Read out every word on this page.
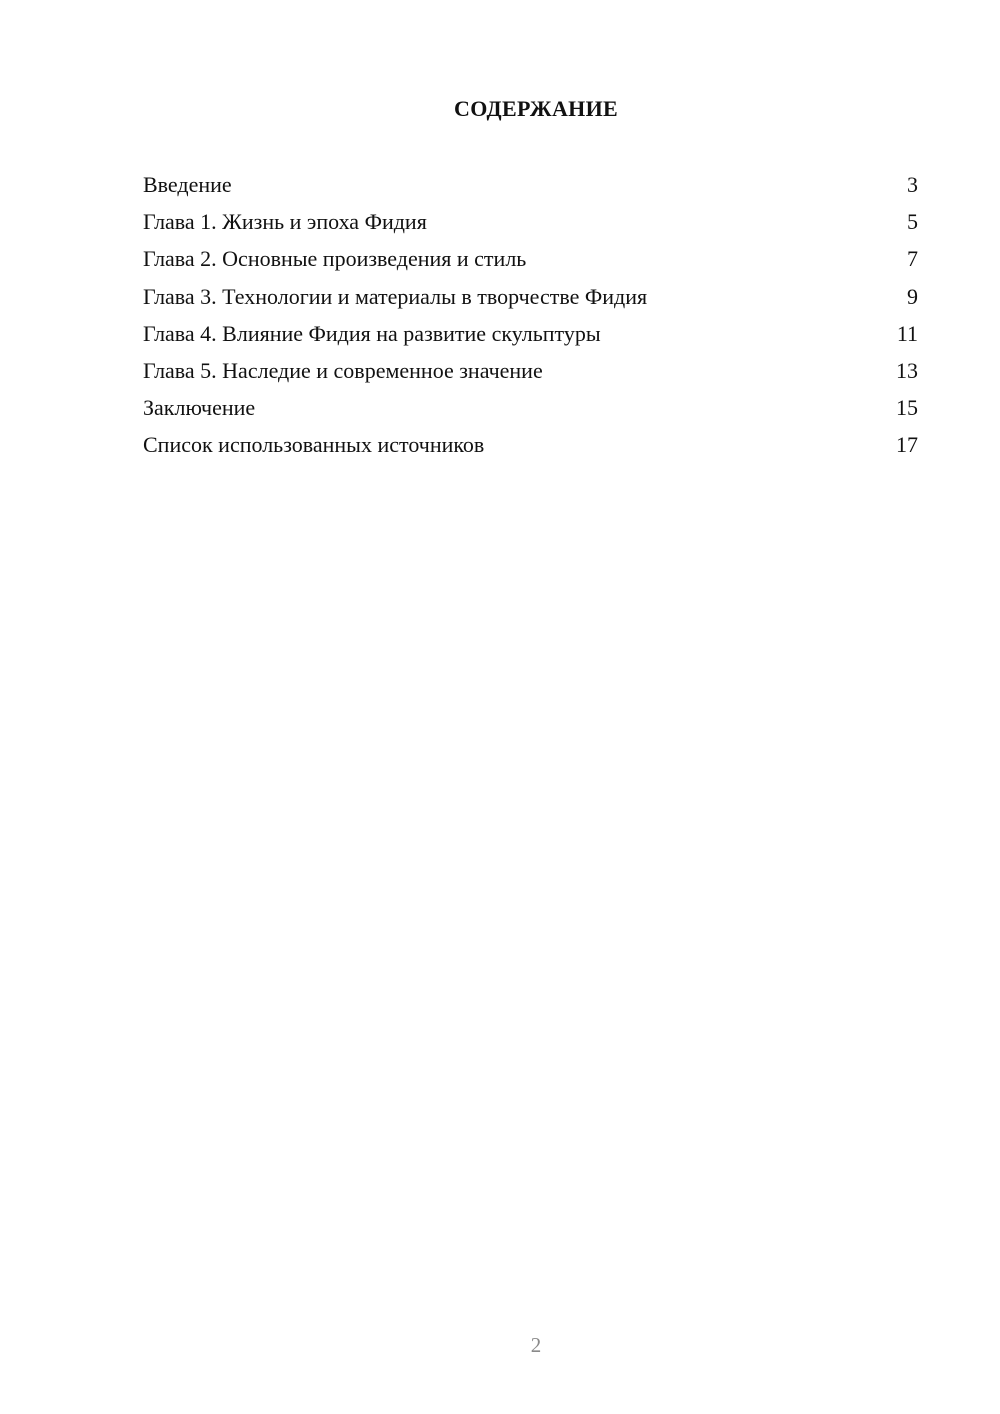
СОДЕРЖАНИЕ
Введение	3
Глава 1. Жизнь и эпоха Фидия	5
Глава 2. Основные произведения и стиль	7
Глава 3. Технологии и материалы в творчестве Фидия	9
Глава 4. Влияние Фидия на развитие скульптуры	11
Глава 5. Наследие и современное значение	13
Заключение	15
Список использованных источников	17
2
